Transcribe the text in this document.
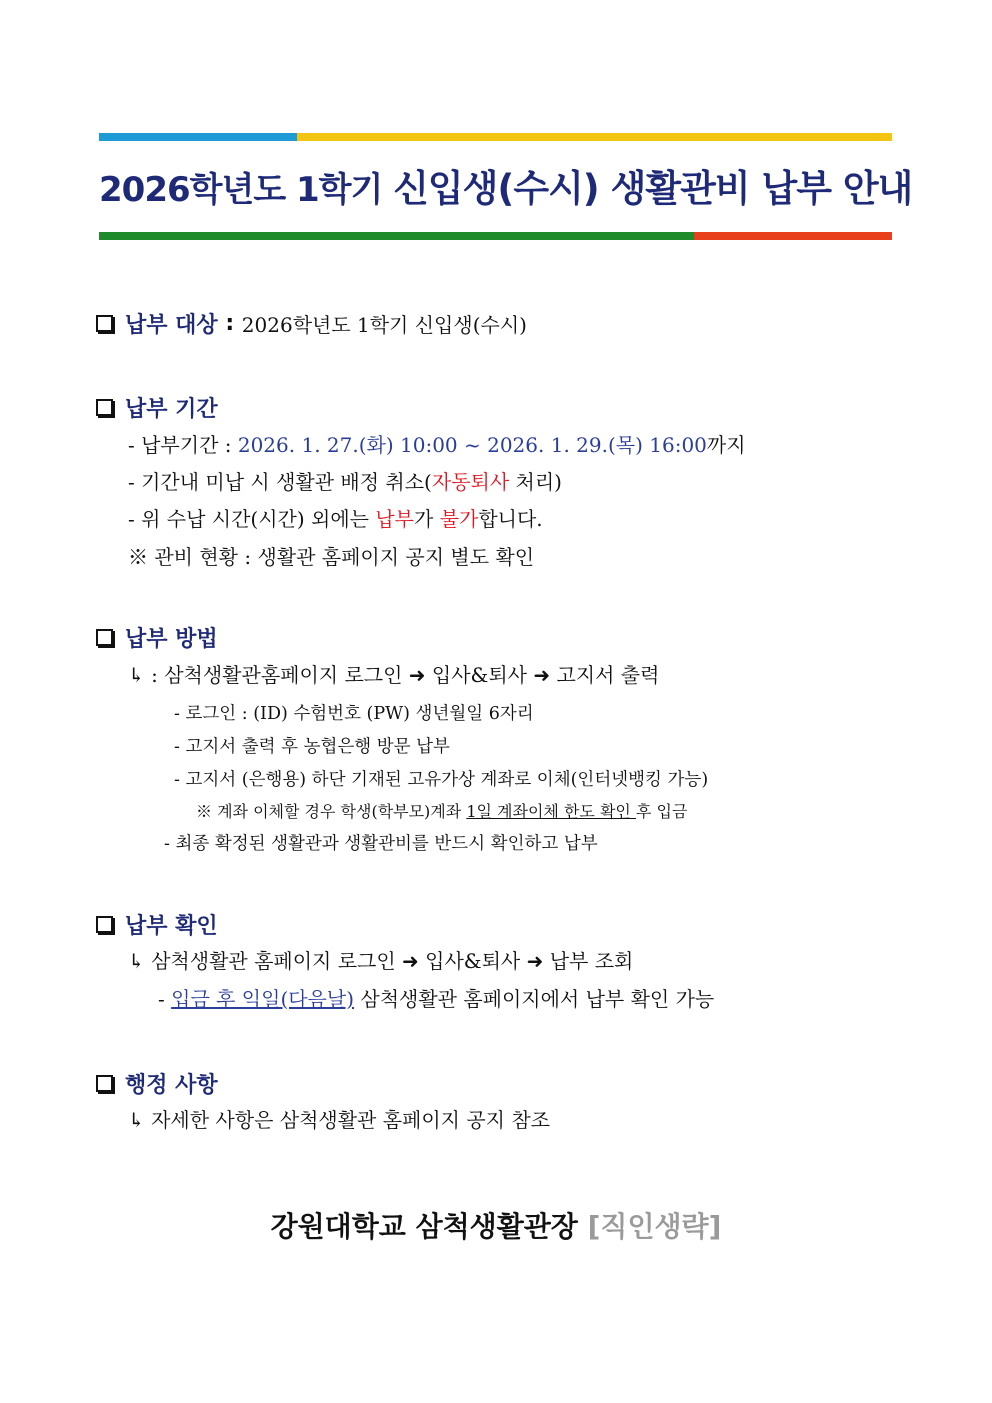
2026학년도 1학기 신입생(수시) 생활관비 납부 안내
납부 대상 : 2026학년도 1학기 신입생(수시)
납부 기간
- 납부기간 : 2026. 1. 27.(화) 10:00 ~ 2026. 1. 29.(목) 16:00까지
- 기간내 미납 시 생활관 배정 취소(자동퇴사 처리)
- 위 수납 시간(시간) 외에는 납부가 불가합니다.
※ 관비 현황 : 생활관 홈페이지 공지 별도 확인
납부 방법
↳ : 삼척생활관홈페이지 로그인 ➜ 입사&퇴사 ➜ 고지서 출력
- 로그인 : (ID) 수험번호 (PW) 생년월일 6자리
- 고지서 출력 후 농협은행 방문 납부
- 고지서 (은행용) 하단 기재된 고유가상 계좌로 이체(인터넷뱅킹 가능)
※ 계좌 이체할 경우 학생(학부모)계좌 1일 계좌이체 한도 확인 후 입금
- 최종 확정된 생활관과 생활관비를 반드시 확인하고 납부
납부 확인
↳ 삼척생활관 홈페이지 로그인 ➜ 입사&퇴사 ➜ 납부 조회
- 입금 후 익일(다음날) 삼척생활관 홈페이지에서 납부 확인 가능
행정 사항
↳ 자세한 사항은 삼척생활관 홈페이지 공지 참조
강원대학교 삼척생활관장 [직인생략]
